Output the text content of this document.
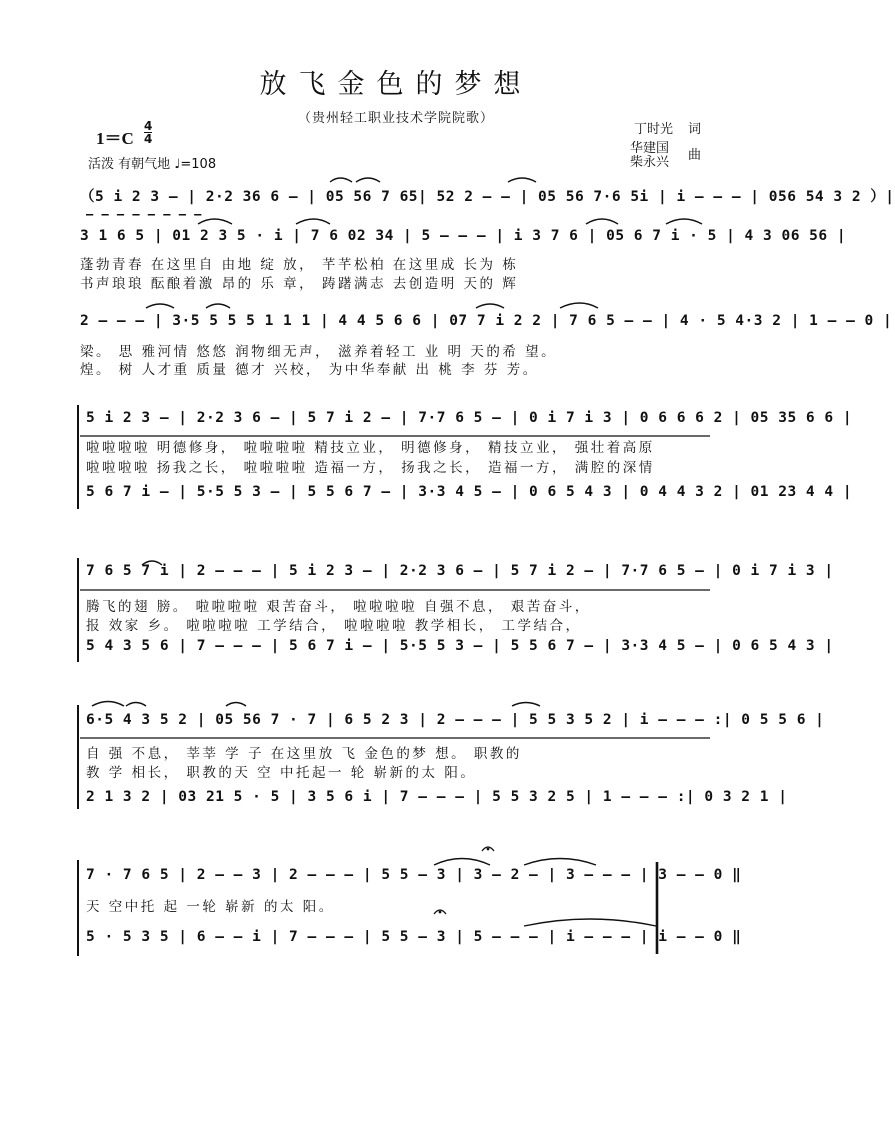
放飞金色的梦想
（贵州轻工职业技术学院院歌）
1＝C
4
4
活泼 有朝气地 ♩=108
丁时光 词
华建国
柴永兴 曲
（5 i 2 3 – | 2·2 36 6 – | 05 56 7 65| 52 2 – – | 05 56 7·6 5i | i – – – | 056 54 3 2 ）|
– – – – – – – –
3 1 6 5 | 01 2 3 5 · i | 7 6 02 34 | 5 – – – | i 3 7 6 | 05 6 7 i · 5 | 4 3 06 56 |
蓬勃青春 在这里自 由地 绽 放， 芊芊松柏 在这里成 长为 栋
书声琅琅 酝酿着激 昂的 乐 章， 踌躇满志 去创造明 天的 辉
2 – – – | 3·5 5 5 5 1 1 1 | 4 4 5 6 6 | 07 7 i 2 2 | 7 6 5 – – | 4 · 5 4·3 2 | 1 – – 0 |
梁。 思 雅河情 悠悠 润物细无声， 滋养着轻工 业 明 天的希 望。
煌。 树 人才重 质量 德才 兴校， 为中华奉献 出 桃 李 芬 芳。
5 i 2 3 – | 2·2 3 6 – | 5 7 i 2 – | 7·7 6 5 – | 0 i 7 i 3 | 0 6 6 6 2 | 05 35 6 6 |
啦啦啦啦 明德修身， 啦啦啦啦 精技立业， 明德修身， 精技立业， 强壮着高原
啦啦啦啦 扬我之长， 啦啦啦啦 造福一方， 扬我之长， 造福一方， 满腔的深情
5 6 7 i – | 5·5 5 3 – | 5 5 6 7 – | 3·3 4 5 – | 0 6 5 4 3 | 0 4 4 3 2 | 01 23 4 4 |
7 6 5 7 i | 2 – – – | 5 i 2 3 – | 2·2 3 6 – | 5 7 i 2 – | 7·7 6 5 – | 0 i 7 i 3 |
腾飞的翅 膀。 啦啦啦啦 艰苦奋斗， 啦啦啦啦 自强不息， 艰苦奋斗，
报 效家 乡。 啦啦啦啦 工学结合， 啦啦啦啦 教学相长， 工学结合，
5 4 3 5 6 | 7 – – – | 5 6 7 i – | 5·5 5 3 – | 5 5 6 7 – | 3·3 4 5 – | 0 6 5 4 3 |
6·5 4 3 5 2 | 05 56 7 · 7 | 6 5 2 3 | 2 – – – | 5 5 3 5 2 | i – – – :| 0 5 5 6 |
自 强 不息， 莘莘 学 子 在这里放 飞 金色的梦 想。 职教的
教 学 相长， 职教的天 空 中托起一 轮 崭新的太 阳。
2 1 3 2 | 03 21 5 · 5 | 3 5 6 i | 7 – – – | 5 5 3 2 5 | 1 – – – :| 0 3 2 1 |
7 · 7 6 5 | 2 – – 3 | 2 – – – | 5 5 – 3 | 3 – 2 – | 3 – – – | 3 – – 0 ‖
天 空中托 起 一轮 崭新 的太 阳。
5 · 5 3 5 | 6 – – i | 7 – – – | 5 5 – 3 | 5 – – – | i – – – | i – – 0 ‖
